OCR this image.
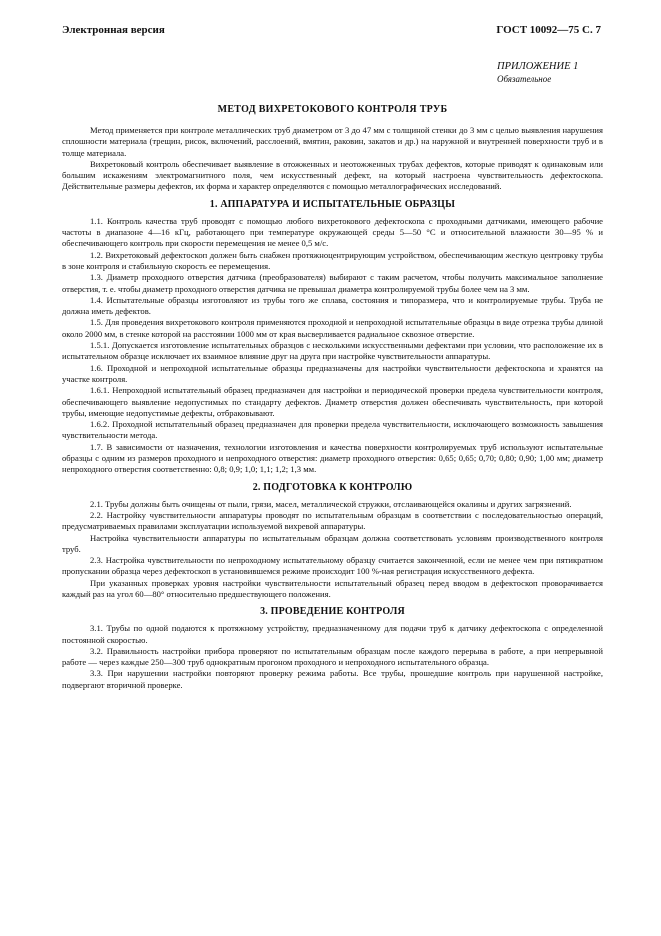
Электронная версия	ГОСТ 10092—75 С. 7
ПРИЛОЖЕНИЕ 1
Обязательное
МЕТОД ВИХРЕТОКОВОГО КОНТРОЛЯ ТРУБ

Метод применяется при контроле металлических труб диаметром от 3 до 47 мм с толщиной стенки до 3 мм с целью выявления нарушения сплошности материала (трещин, рисок, включений, расслоений, вмятин, раковин, закатов и др.) на наружной и внутренней поверхности труб и в толще материала.

Вихретоковый контроль обеспечивает выявление в отожженных и неотожженных трубах дефектов, которые приводят к одинаковым или большим искажениям электромагнитного поля, чем искусственный дефект, на который настроена чувствительность дефектоскопа. Действительные размеры дефектов, их форма и характер определяются с помощью металлографических исследований.

1. АППАРАТУРА И ИСПЫТАТЕЛЬНЫЕ ОБРАЗЦЫ

1.1. Контроль качества труб проводят с помощью любого вихретокового дефектоскопа с проходными датчиками, имеющего рабочие частоты в диапазоне 4—16 кГц, работающего при температуре окружающей среды 5—50 °С и относительной влажности 30—95 % и обеспечивающего контроль при скорости перемещения не менее 0,5 м/с.

1.2. Вихретоковый дефектоскоп должен быть снабжен протяжноцентрирующим устройством, обеспечивающим жесткую центровку трубы в зоне контроля и стабильную скорость ее перемещения.

1.3. Диаметр проходного отверстия датчика (преобразователя) выбирают с таким расчетом, чтобы получить максимальное заполнение отверстия, т. е. чтобы диаметр проходного отверстия датчика не превышал диаметра контролируемой трубы более чем на 3 мм.

1.4. Испытательные образцы изготовляют из трубы того же сплава, состояния и типоразмера, что и контролируемые трубы. Труба не должна иметь дефектов.

1.5. Для проведения вихретокового контроля применяются проходной и непроходной испытательные образцы в виде отрезка трубы длиной около 2000 мм, в стенке которой на расстоянии 1000 мм от края высверливается радиальное сквозное отверстие.

1.5.1. Допускается изготовление испытательных образцов с несколькими искусственными дефектами при условии, что расположение их в испытательном образце исключает их взаимное влияние друг на друга при настройке чувствительности аппаратуры.

1.6. Проходной и непроходной испытательные образцы предназначены для настройки чувствительности дефектоскопа и хранятся на участке контроля.

1.6.1. Непроходной испытательный образец предназначен для настройки и периодической проверки предела чувствительности контроля, обеспечивающего выявление недопустимых по стандарту дефектов. Диаметр отверстия должен обеспечивать чувствительность, при которой трубы, имеющие недопустимые дефекты, отбраковывают.

1.6.2. Проходной испытательный образец предназначен для проверки предела чувствительности, исключающего возможность завышения чувствительности метода.

1.7. В зависимости от назначения, технологии изготовления и качества поверхности контролируемых труб используют испытательные образцы с одним из размеров проходного и непроходного отверстия: диаметр проходного отверстия: 0,65; 0,65; 0,70; 0,80; 0,90; 1,00 мм; диаметр непроходного отверстия соответственно: 0,8; 0,9; 1,0; 1,1; 1,2; 1,3 мм.

2. ПОДГОТОВКА К КОНТРОЛЮ

2.1. Трубы должны быть очищены от пыли, грязи, масел, металлической стружки, отслаивающейся окалины и других загрязнений.

2.2. Настройку чувствительности аппаратуры проводят по испытательным образцам в соответствии с последовательностью операций, предусматриваемых правилами эксплуатации используемой вихревой аппаратуры.

Настройка чувствительности аппаратуры по испытательным образцам должна соответствовать условиям производственного контроля труб.

2.3. Настройка чувствительности по непроходному испытательному образцу считается законченной, если не менее чем при пятикратном пропускании образца через дефектоскоп в установившемся режиме происходит 100 %-ная регистрация искусственного дефекта.

При указанных проверках уровня настройки чувствительности испытательный образец перед вводом в дефектоскоп проворачивается каждый раз на угол 60—80° относительно предшествующего положения.

3. ПРОВЕДЕНИЕ КОНТРОЛЯ

3.1. Трубы по одной подаются к протяжному устройству, предназначенному для подачи труб к датчику дефектоскопа с определенной постоянной скоростью.

3.2. Правильность настройки прибора проверяют по испытательным образцам после каждого перерыва в работе, а при непрерывной работе — через каждые 250—300 труб однократным прогоном проходного и непроходного испытательного образца.

3.3. При нарушении настройки повторяют проверку режима работы. Все трубы, прошедшие контроль при нарушенной настройке, подвергают вторичной проверке.
